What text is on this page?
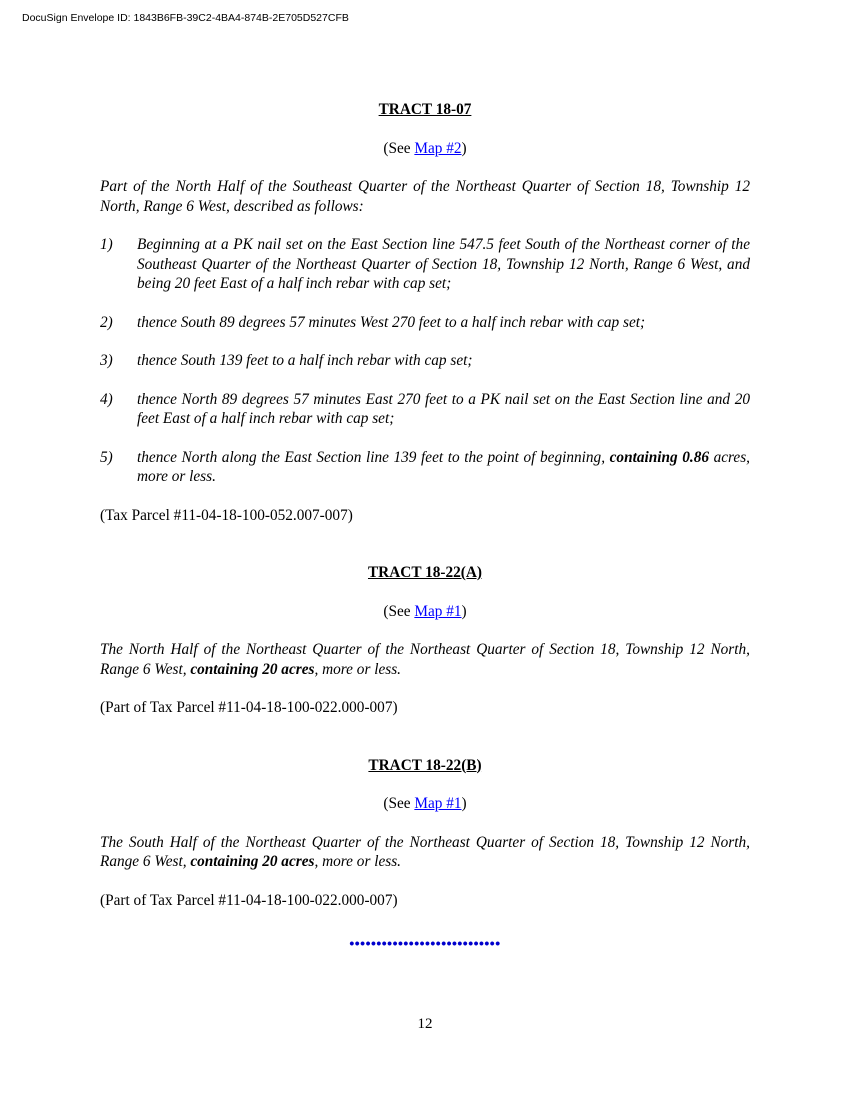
DocuSign Envelope ID: 1843B6FB-39C2-4BA4-874B-2E705D527CFB

TRACT 18-07

(See Map #2)

Part of the North Half of the Southeast Quarter of the Northeast Quarter of Section 18, Township 12 North, Range 6 West, described as follows:

1)	Beginning at a PK nail set on the East Section line 547.5 feet South of the Northeast corner of the Southeast Quarter of the Northeast Quarter of Section 18, Township 12 North, Range 6 West, and being 20 feet East of a half inch rebar with cap set;
2)	thence South 89 degrees 57 minutes West 270 feet to a half inch rebar with cap set;
3)	thence South 139 feet to a half inch rebar with cap set;
4)	thence North 89 degrees 57 minutes East 270 feet to a PK nail set on the East Section line and 20 feet East of a half inch rebar with cap set;
5)	thence North along the East Section line 139 feet to the point of beginning, containing 0.86 acres, more or less.

(Tax Parcel #11-04-18-100-052.007-007)

TRACT 18-22(A)

(See Map #1)

The North Half of the Northeast Quarter of the Northeast Quarter of Section 18, Township 12 North, Range 6 West, containing 20 acres, more or less.

(Part of Tax Parcel #11-04-18-100-022.000-007)

TRACT 18-22(B)

(See Map #1)

The South Half of the Northeast Quarter of the Northeast Quarter of Section 18, Township 12 North, Range 6 West, containing 20 acres, more or less.

(Part of Tax Parcel #11-04-18-100-022.000-007)

••••••••••••••••••••••••••••

12
